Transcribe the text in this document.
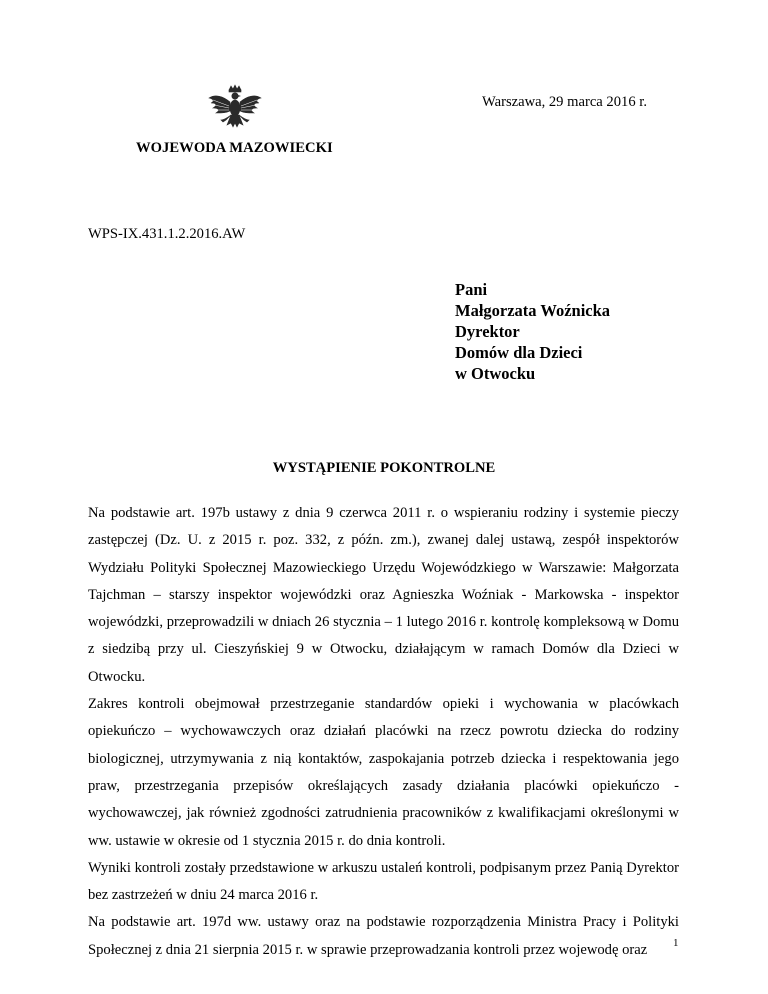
WOJEWODA MAZOWIECKI
Warszawa, 29 marca 2016 r.
WPS-IX.431.1.2.2016.AW
Pani
Małgorzata Woźnicka
Dyrektor
Domów dla Dzieci
w Otwocku
WYSTĄPIENIE POKONTROLNE
Na podstawie art. 197b ustawy z dnia 9 czerwca 2011 r. o wspieraniu rodziny i systemie pieczy zastępczej (Dz. U. z 2015 r. poz. 332, z późn. zm.), zwanej dalej ustawą, zespół inspektorów Wydziału Polityki Społecznej Mazowieckiego Urzędu Wojewódzkiego w Warszawie: Małgorzata Tajchman – starszy inspektor wojewódzki oraz Agnieszka Woźniak - Markowska - inspektor wojewódzki, przeprowadzili w dniach 26 stycznia – 1 lutego 2016 r. kontrolę kompleksową w Domu z siedzibą przy ul. Cieszyńskiej 9 w Otwocku, działającym w ramach Domów dla Dzieci w Otwocku.
Zakres kontroli obejmował przestrzeganie standardów opieki i wychowania w placówkach opiekuńczo – wychowawczych oraz działań placówki na rzecz powrotu dziecka do rodziny biologicznej, utrzymywania z nią kontaktów, zaspokajania potrzeb dziecka i respektowania jego praw, przestrzegania przepisów określających zasady działania placówki opiekuńczo - wychowawczej, jak również zgodności zatrudnienia pracowników z kwalifikacjami określonymi w ww. ustawie w okresie od 1 stycznia 2015 r. do dnia kontroli.
Wyniki kontroli zostały przedstawione w arkuszu ustaleń kontroli, podpisanym przez Panią Dyrektor bez zastrzeżeń w dniu 24 marca 2016 r.
Na podstawie art. 197d ww. ustawy oraz na podstawie rozporządzenia Ministra Pracy i Polityki Społecznej z dnia 21 sierpnia 2015 r. w sprawie przeprowadzania kontroli przez wojewodę oraz	1
